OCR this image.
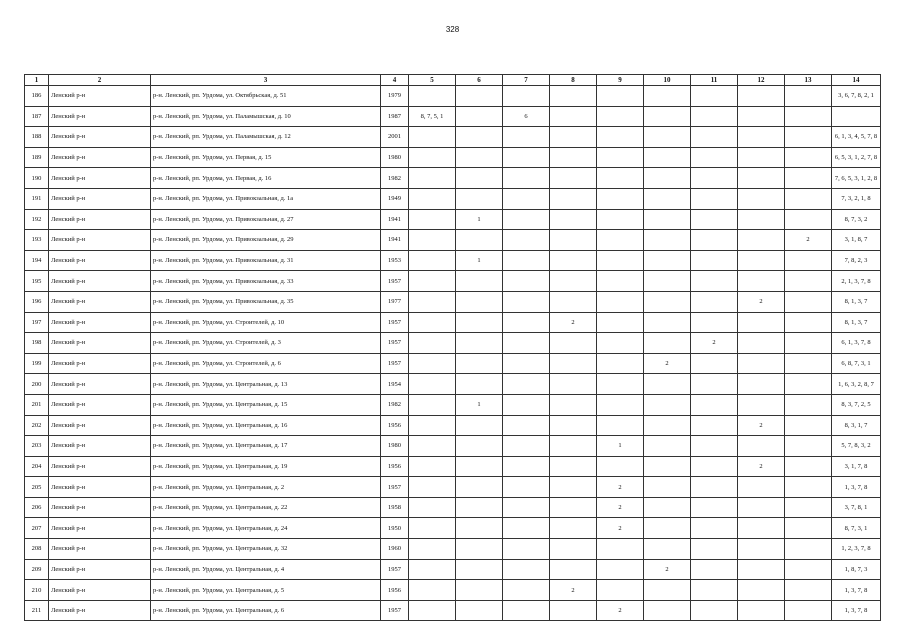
328
1	2	3	4	5	6	7	8	9	10	11	12	13	14
186	Ленский р-н	р-н. Ленский, рп. Урдома, ул. Октябрьская, д. 51	1979										3, 6, 7, 8, 2, 1
187	Ленский р-н	р-н. Ленский, рп. Урдома, ул. Паламышская, д. 10	1987	8, 7, 5, 1		6							
188	Ленский р-н	р-н. Ленский, рп. Урдома, ул. Паламышская, д. 12	2001										6, 1, 3, 4, 5, 7, 8
189	Ленский р-н	р-н. Ленский, рп. Урдома, ул. Первая, д. 15	1980										6, 5, 3, 1, 2, 7, 8
190	Ленский р-н	р-н. Ленский, рп. Урдома, ул. Первая, д. 16	1982										7, 6, 5, 3, 1, 2, 8
191	Ленский р-н	р-н. Ленский, рп. Урдома, ул. Привокзальная, д. 1а	1949										7, 3, 2, 1, 8
192	Ленский р-н	р-н. Ленский, рп. Урдома, ул. Привокзальная, д. 27	1941		1								8, 7, 3, 2
193	Ленский р-н	р-н. Ленский, рп. Урдома, ул. Привокзальная, д. 29	1941									2	3, 1, 8, 7
194	Ленский р-н	р-н. Ленский, рп. Урдома, ул. Привокзальная, д. 31	1953		1								7, 8, 2, 3
195	Ленский р-н	р-н. Ленский, рп. Урдома, ул. Привокзальная, д. 33	1957										2, 1, 3, 7, 8
196	Ленский р-н	р-н. Ленский, рп. Урдома, ул. Привокзальная, д. 35	1977								2		8, 1, 3, 7
197	Ленский р-н	р-н. Ленский, рп. Урдома, ул. Строителей, д. 10	1957				2						8, 1, 3, 7
198	Ленский р-н	р-н. Ленский, рп. Урдома, ул. Строителей, д. 3	1957							2			6, 1, 3, 7, 8
199	Ленский р-н	р-н. Ленский, рп. Урдома, ул. Строителей, д. 6	1957						2				6, 8, 7, 3, 1
200	Ленский р-н	р-н. Ленский, рп. Урдома, ул. Центральная, д. 13	1954										1, 6, 3, 2, 8, 7
201	Ленский р-н	р-н. Ленский, рп. Урдома, ул. Центральная, д. 15	1982		1								8, 3, 7, 2, 5
202	Ленский р-н	р-н. Ленский, рп. Урдома, ул. Центральная, д. 16	1956								2		8, 3, 1, 7
203	Ленский р-н	р-н. Ленский, рп. Урдома, ул. Центральная, д. 17	1980					1					5, 7, 8, 3, 2
204	Ленский р-н	р-н. Ленский, рп. Урдома, ул. Центральная, д. 19	1956								2		3, 1, 7, 8
205	Ленский р-н	р-н. Ленский, рп. Урдома, ул. Центральная, д. 2	1957					2					1, 3, 7, 8
206	Ленский р-н	р-н. Ленский, рп. Урдома, ул. Центральная, д. 22	1958					2					3, 7, 8, 1
207	Ленский р-н	р-н. Ленский, рп. Урдома, ул. Центральная, д. 24	1950					2					8, 7, 3, 1
208	Ленский р-н	р-н. Ленский, рп. Урдома, ул. Центральная, д. 32	1960										1, 2, 3, 7, 8
209	Ленский р-н	р-н. Ленский, рп. Урдома, ул. Центральная, д. 4	1957						2				1, 8, 7, 3
210	Ленский р-н	р-н. Ленский, рп. Урдома, ул. Центральная, д. 5	1956				2						1, 3, 7, 8
211	Ленский р-н	р-н. Ленский, рп. Урдома, ул. Центральная, д. 6	1957					2					1, 3, 7, 8
